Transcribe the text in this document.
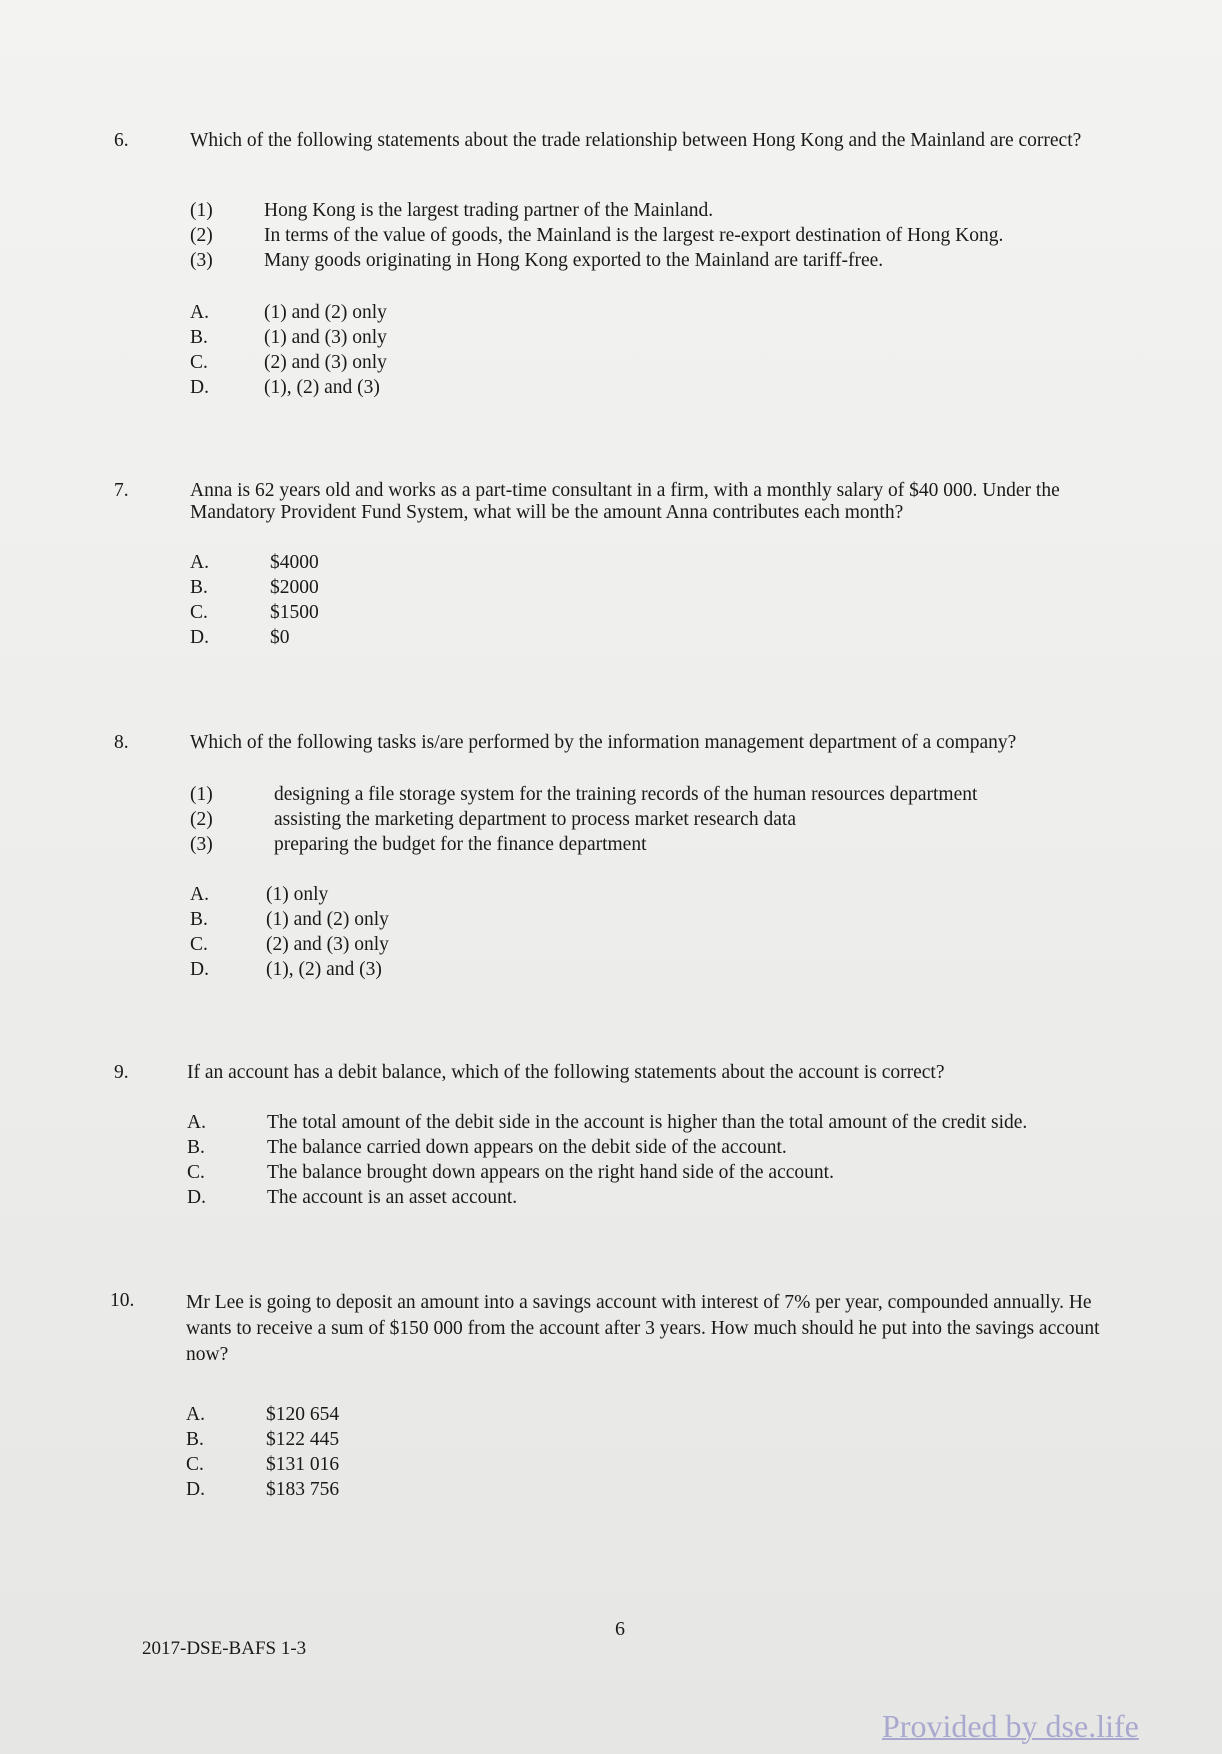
6.	Which of the following statements about the trade relationship between Hong Kong and the Mainland are correct?
(1)	Hong Kong is the largest trading partner of the Mainland.
(2)	In terms of the value of goods, the Mainland is the largest re-export destination of Hong Kong.
(3)	Many goods originating in Hong Kong exported to the Mainland are tariff-free.
A.	(1) and (2) only
B.	(1) and (3) only
C.	(2) and (3) only
D.	(1), (2) and (3)
7.	Anna is 62 years old and works as a part-time consultant in a firm, with a monthly salary of $40 000. Under the Mandatory Provident Fund System, what will be the amount Anna contributes each month?
A.	$4000
B.	$2000
C.	$1500
D.	$0
8.	Which of the following tasks is/are performed by the information management department of a company?
(1)	designing a file storage system for the training records of the human resources department
(2)	assisting the marketing department to process market research data
(3)	preparing the budget for the finance department
A.	(1) only
B.	(1) and (2) only
C.	(2) and (3) only
D.	(1), (2) and (3)
9.	If an account has a debit balance, which of the following statements about the account is correct?
A.	The total amount of the debit side in the account is higher than the total amount of the credit side.
B.	The balance carried down appears on the debit side of the account.
C.	The balance brought down appears on the right hand side of the account.
D.	The account is an asset account.
10.	Mr Lee is going to deposit an amount into a savings account with interest of 7% per year, compounded annually. He wants to receive a sum of $150 000 from the account after 3 years. How much should he put into the savings account now?
A.	$120 654
B.	$122 445
C.	$131 016
D.	$183 756
6
2017-DSE-BAFS 1-3
Provided by dse.life
